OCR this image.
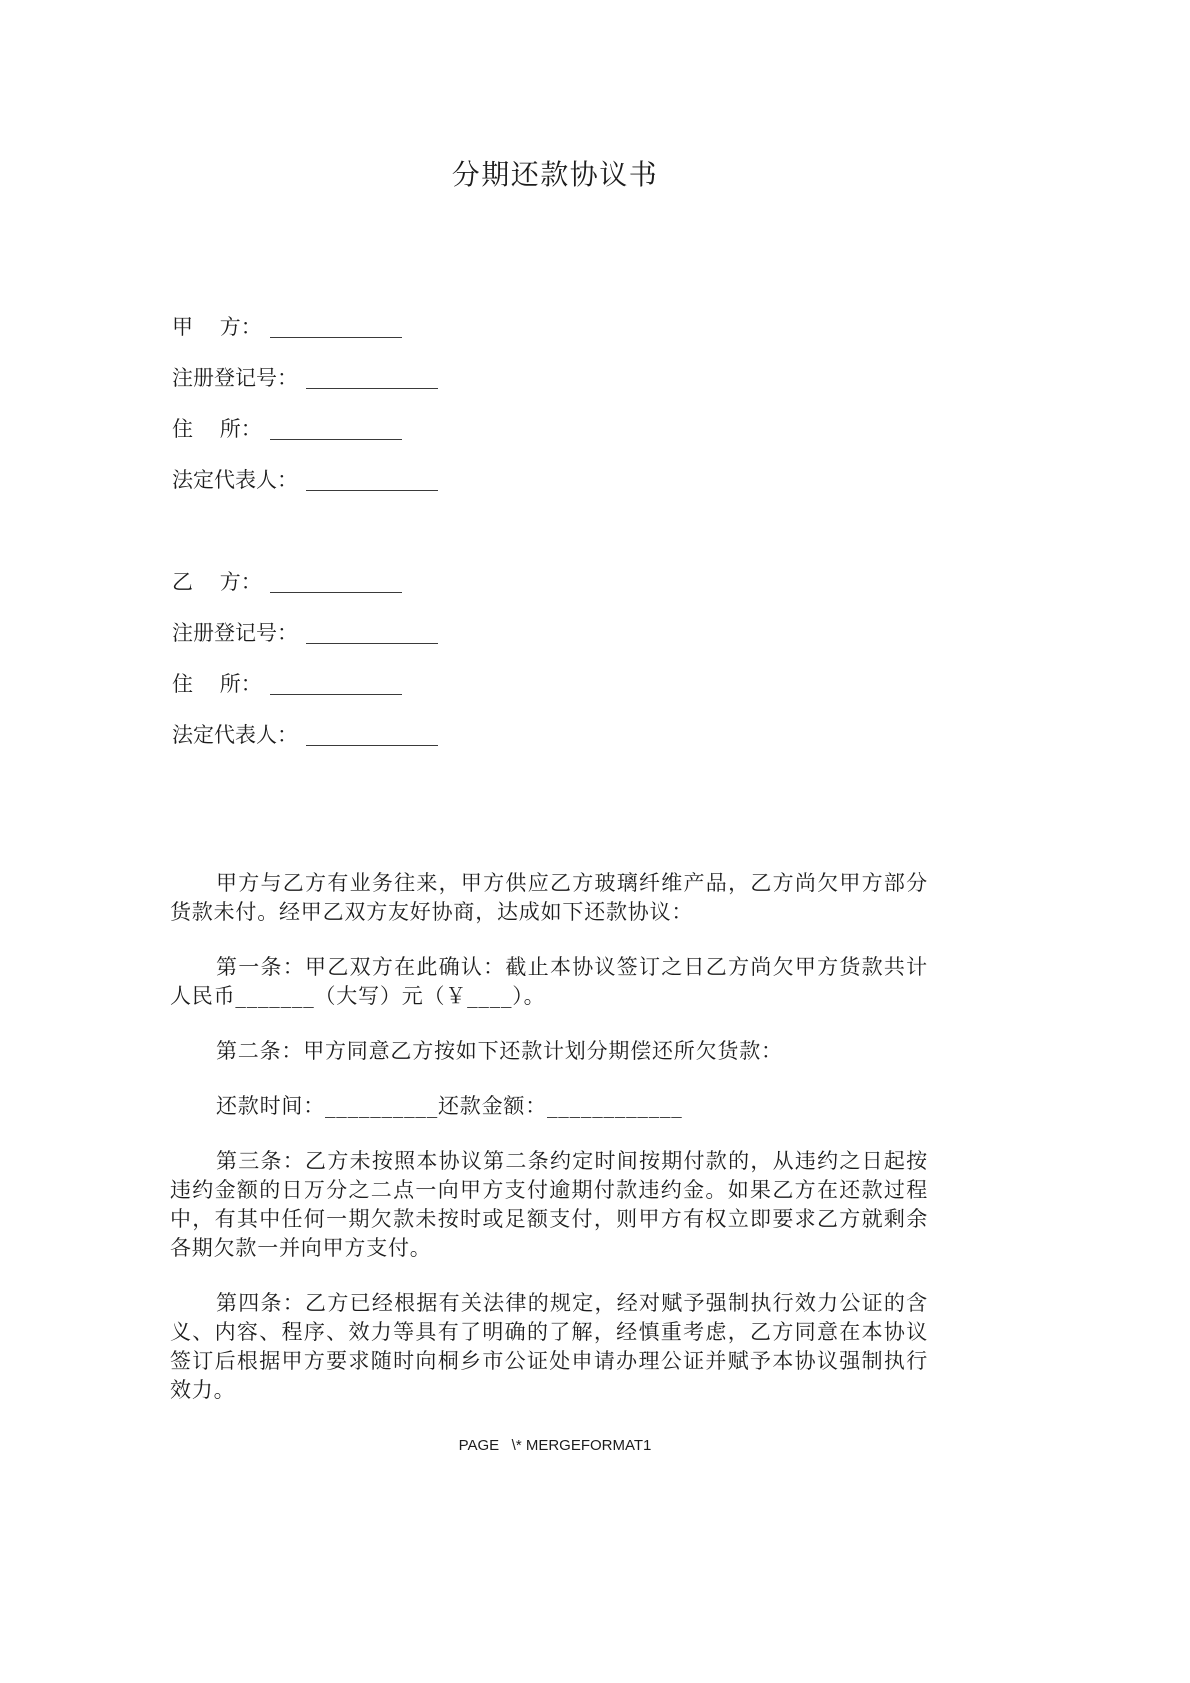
分期还款协议书
甲    方：
注册登记号：
住    所：
法定代表人：
乙    方：
注册登记号：
住    所：
法定代表人：
甲方与乙方有业务往来，甲方供应乙方玻璃纤维产品，乙方尚欠甲方部分
货款未付。经甲乙双方友好协商，达成如下还款协议：
第一条：甲乙双方在此确认：截止本协议签订之日乙方尚欠甲方货款共计
人民币_______（大写）元（￥____）。
第二条：甲方同意乙方按如下还款计划分期偿还所欠货款：
还款时间：__________还款金额：____________
第三条：乙方未按照本协议第二条约定时间按期付款的，从违约之日起按
违约金额的日万分之二点一向甲方支付逾期付款违约金。如果乙方在还款过程
中，有其中任何一期欠款未按时或足额支付，则甲方有权立即要求乙方就剩余
各期欠款一并向甲方支付。
第四条：乙方已经根据有关法律的规定，经对赋予强制执行效力公证的含
义、内容、程序、效力等具有了明确的了解，经慎重考虑，乙方同意在本协议
签订后根据甲方要求随时向桐乡市公证处申请办理公证并赋予本协议强制执行
效力。
PAGE   \* MERGEFORMAT1
